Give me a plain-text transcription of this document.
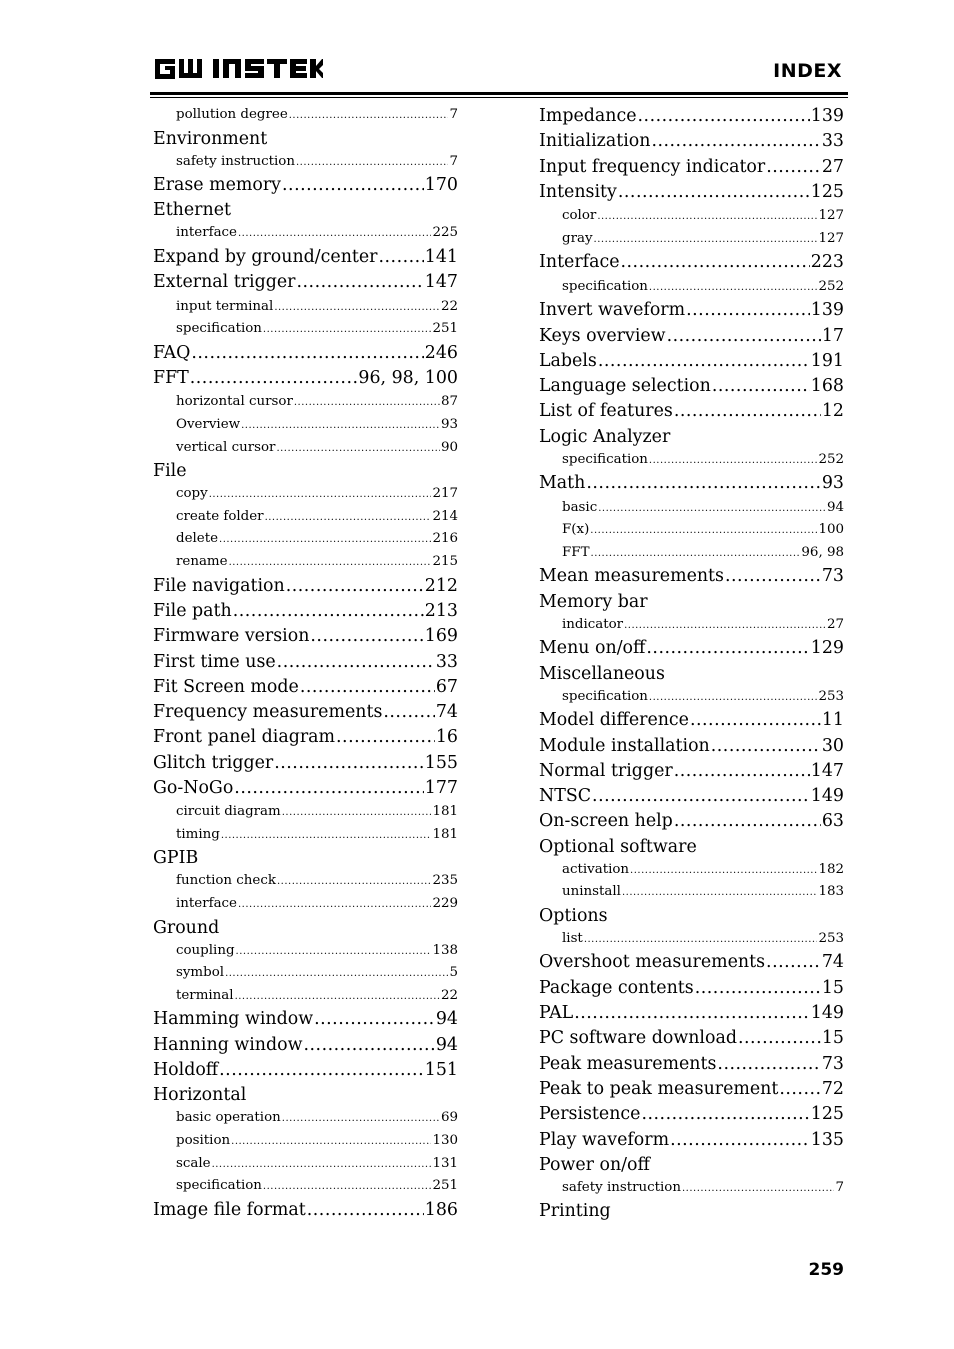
GW INSTEK
INDEX
pollution degree .....	7
Environment
safety instruction .....	7
Erase memory .....	170
Ethernet
interface .....	225
Expand by ground/center .....	141
External trigger .....	147
input terminal .....	22
specification .....	251
FAQ .....	246
FFT .....	96, 98, 100
horizontal cursor .....	87
Overview .....	93
vertical cursor .....	90
File
copy .....	217
create folder .....	214
delete .....	216
rename .....	215
File navigation .....	212
File path .....	213
Firmware version .....	169
First time use .....	33
Fit Screen mode .....	67
Frequency measurements .....	74
Front panel diagram .....	16
Glitch trigger .....	155
Go-NoGo .....	177
circuit diagram .....	181
timing .....	181
GPIB
function check .....	235
interface .....	229
Ground
coupling .....	138
symbol .....	5
terminal .....	22
Hamming window .....	94
Hanning window .....	94
Holdoff .....	151
Horizontal
basic operation .....	69
position .....	130
scale .....	131
specification .....	251
Image file format .....	186
Impedance .....	139
Initialization .....	33
Input frequency indicator .....	27
Intensity .....	125
color .....	127
gray .....	127
Interface .....	223
specification .....	252
Invert waveform .....	139
Keys overview .....	17
Labels .....	191
Language selection .....	168
List of features .....	12
Logic Analyzer
specification .....	252
Math .....	93
basic .....	94
F(x) .....	100
FFT .....	96, 98
Mean measurements .....	73
Memory bar
indicator .....	27
Menu on/off .....	129
Miscellaneous
specification .....	253
Model difference .....	11
Module installation .....	30
Normal trigger .....	147
NTSC .....	149
On-screen help .....	63
Optional software
activation .....	182
uninstall .....	183
Options
list .....	253
Overshoot measurements .....	74
Package contents .....	15
PAL .....	149
PC software download .....	15
Peak measurements .....	73
Peak to peak measurement .....	72
Persistence .....	125
Play waveform .....	135
Power on/off
safety instruction .....	7
Printing
259
